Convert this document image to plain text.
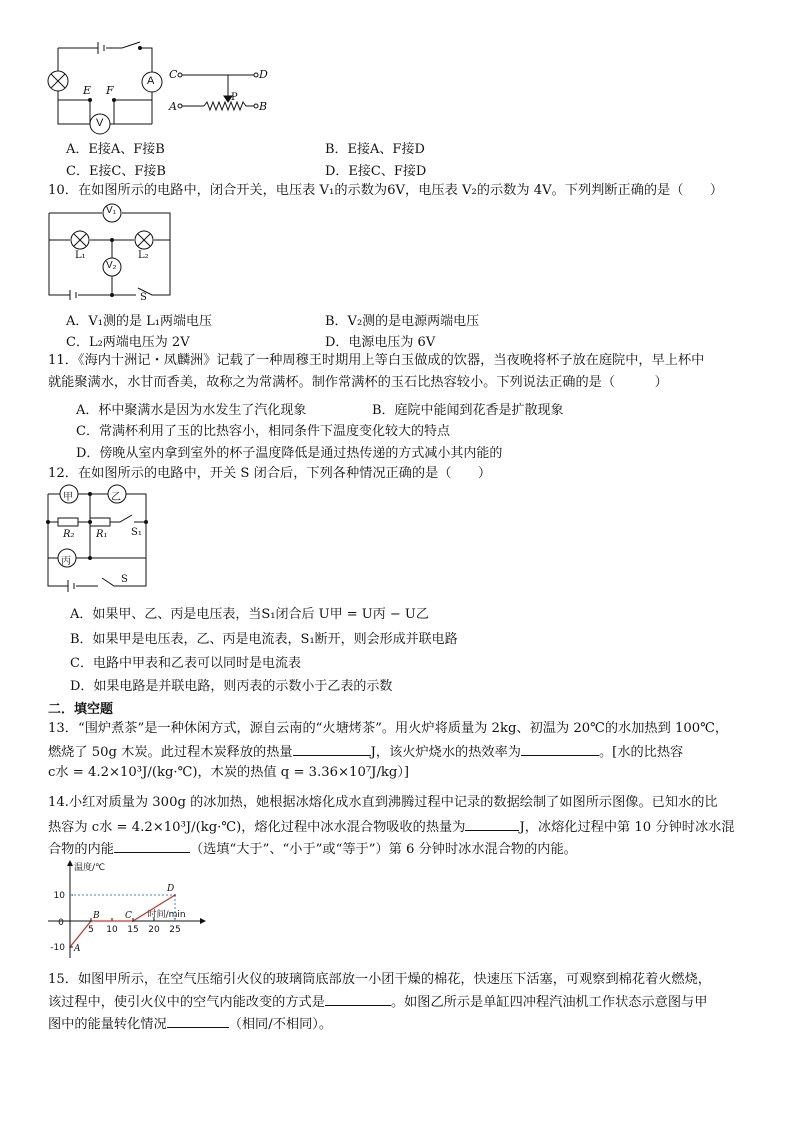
A
V
E F
C	D
A	B
P
A．E接A、F接B	B．E接A、F接D
C．E接C、F接B	D．E接C、F接D
10．在如图所示的电路中，闭合开关，电压表 V₁的示数为6V，电压表 V₂的示数为 4V。下列判断正确的是（　　）
V₁
L₁	L₂
V₂
S
A．V₁测的是 L₁两端电压	B．V₂测的是电源两端电压
C．L₂两端电压为 2V	D．电源电压为 6V
11．《海内十洲记・凤麟洲》记载了一种周穆王时期用上等白玉做成的饮器，当夜晚将杯子放在庭院中，早上杯中
就能聚满水，水甘而香美，故称之为常满杯。制作常满杯的玉石比热容较小。下列说法正确的是（　　　）
A．杯中聚满水是因为水发生了汽化现象	B．庭院中能闻到花香是扩散现象
C．常满杯利用了玉的比热容小，相同条件下温度变化较大的特点
D．傍晚从室内拿到室外的杯子温度降低是通过热传递的方式减小其内能的
12．在如图所示的电路中，开关 S 闭合后，下列各种情况正确的是（　　）
甲	乙
R₂ R₁ S₁
丙
S
A．如果甲、乙、丙是电压表，当S₁闭合后 U甲 = U丙 − U乙
B．如果甲是电压表，乙、丙是电流表，S₁断开，则会形成并联电路
C．电路中甲表和乙表可以同时是电流表
D．如果电路是并联电路，则丙表的示数小于乙表的示数
二．填空题
13．“围炉煮茶”是一种休闲方式，源自云南的“火塘烤茶”。用火炉将质量为 2kg、初温为 20℃的水加热到 100℃，
燃烧了 50g 木炭。此过程木炭释放的热量	J，该火炉烧水的热效率为	。[水的比热容
c水 = 4.2×10³J/(kg·℃)，木炭的热值 q = 3.36×10⁷J/kg）]
14.小红对质量为 300g 的冰加热，她根据冰熔化成水直到沸腾过程中记录的数据绘制了如图所示图像。已知水的比
热容为 c水 = 4.2×10³J/(kg·℃)，熔化过程中冰水混合物吸收的热量为	J，冰熔化过程中第 10 分钟时冰水混
合物的内能	（选填“大于”、“小于”或“等于”）第 6 分钟时冰水混合物的内能。
温度/℃
时间/min
5 10 15 20 25
0
10
-10 A
B	C
D
15．如图甲所示，在空气压缩引火仪的玻璃筒底部放一小团干燥的棉花，快速压下活塞，可观察到棉花着火燃烧，
该过程中，使引火仪中的空气内能改变的方式是	。如图乙所示是单缸四冲程汽油机工作状态示意图与甲
图中的能量转化情况	（相同/不相同）。
